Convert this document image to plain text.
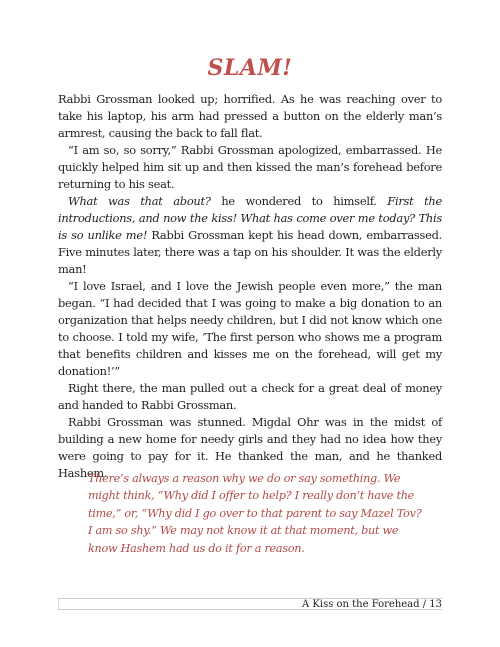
SLAM!

Rabbi Grossman looked up; horrified. As he was reaching over to take his laptop, his arm had pressed a button on the elderly man’s armrest, causing the back to fall flat.

“I am so, so sorry,” Rabbi Grossman apologized, embarrassed. He quickly helped him sit up and then kissed the man’s forehead before returning to his seat.

What was that about? he wondered to himself. First the introductions, and now the kiss! What has come over me today? This is so unlike me! Rabbi Grossman kept his head down, embarrassed. Five minutes later, there was a tap on his shoulder. It was the elderly man!

“I love Israel, and I love the Jewish people even more,” the man began. “I had decided that I was going to make a big donation to an organization that helps needy children, but I did not know which one to choose. I told my wife, ‘The first person who shows me a program that benefits children and kisses me on the forehead, will get my donation!’”

Right there, the man pulled out a check for a great deal of money and handed to Rabbi Grossman.

Rabbi Grossman was stunned. Migdal Ohr was in the midst of building a new home for needy girls and they had no idea how they were going to pay for it. He thanked the man, and he thanked Hashem.

There’s always a reason why we do or say something. We might think, “Why did I offer to help? I really don’t have the time,” or, “Why did I go over to that parent to say Mazel Tov? I am so shy.” We may not know it at that moment, but we know Hashem had us do it for a reason.
A Kiss on the Forehead / 13
